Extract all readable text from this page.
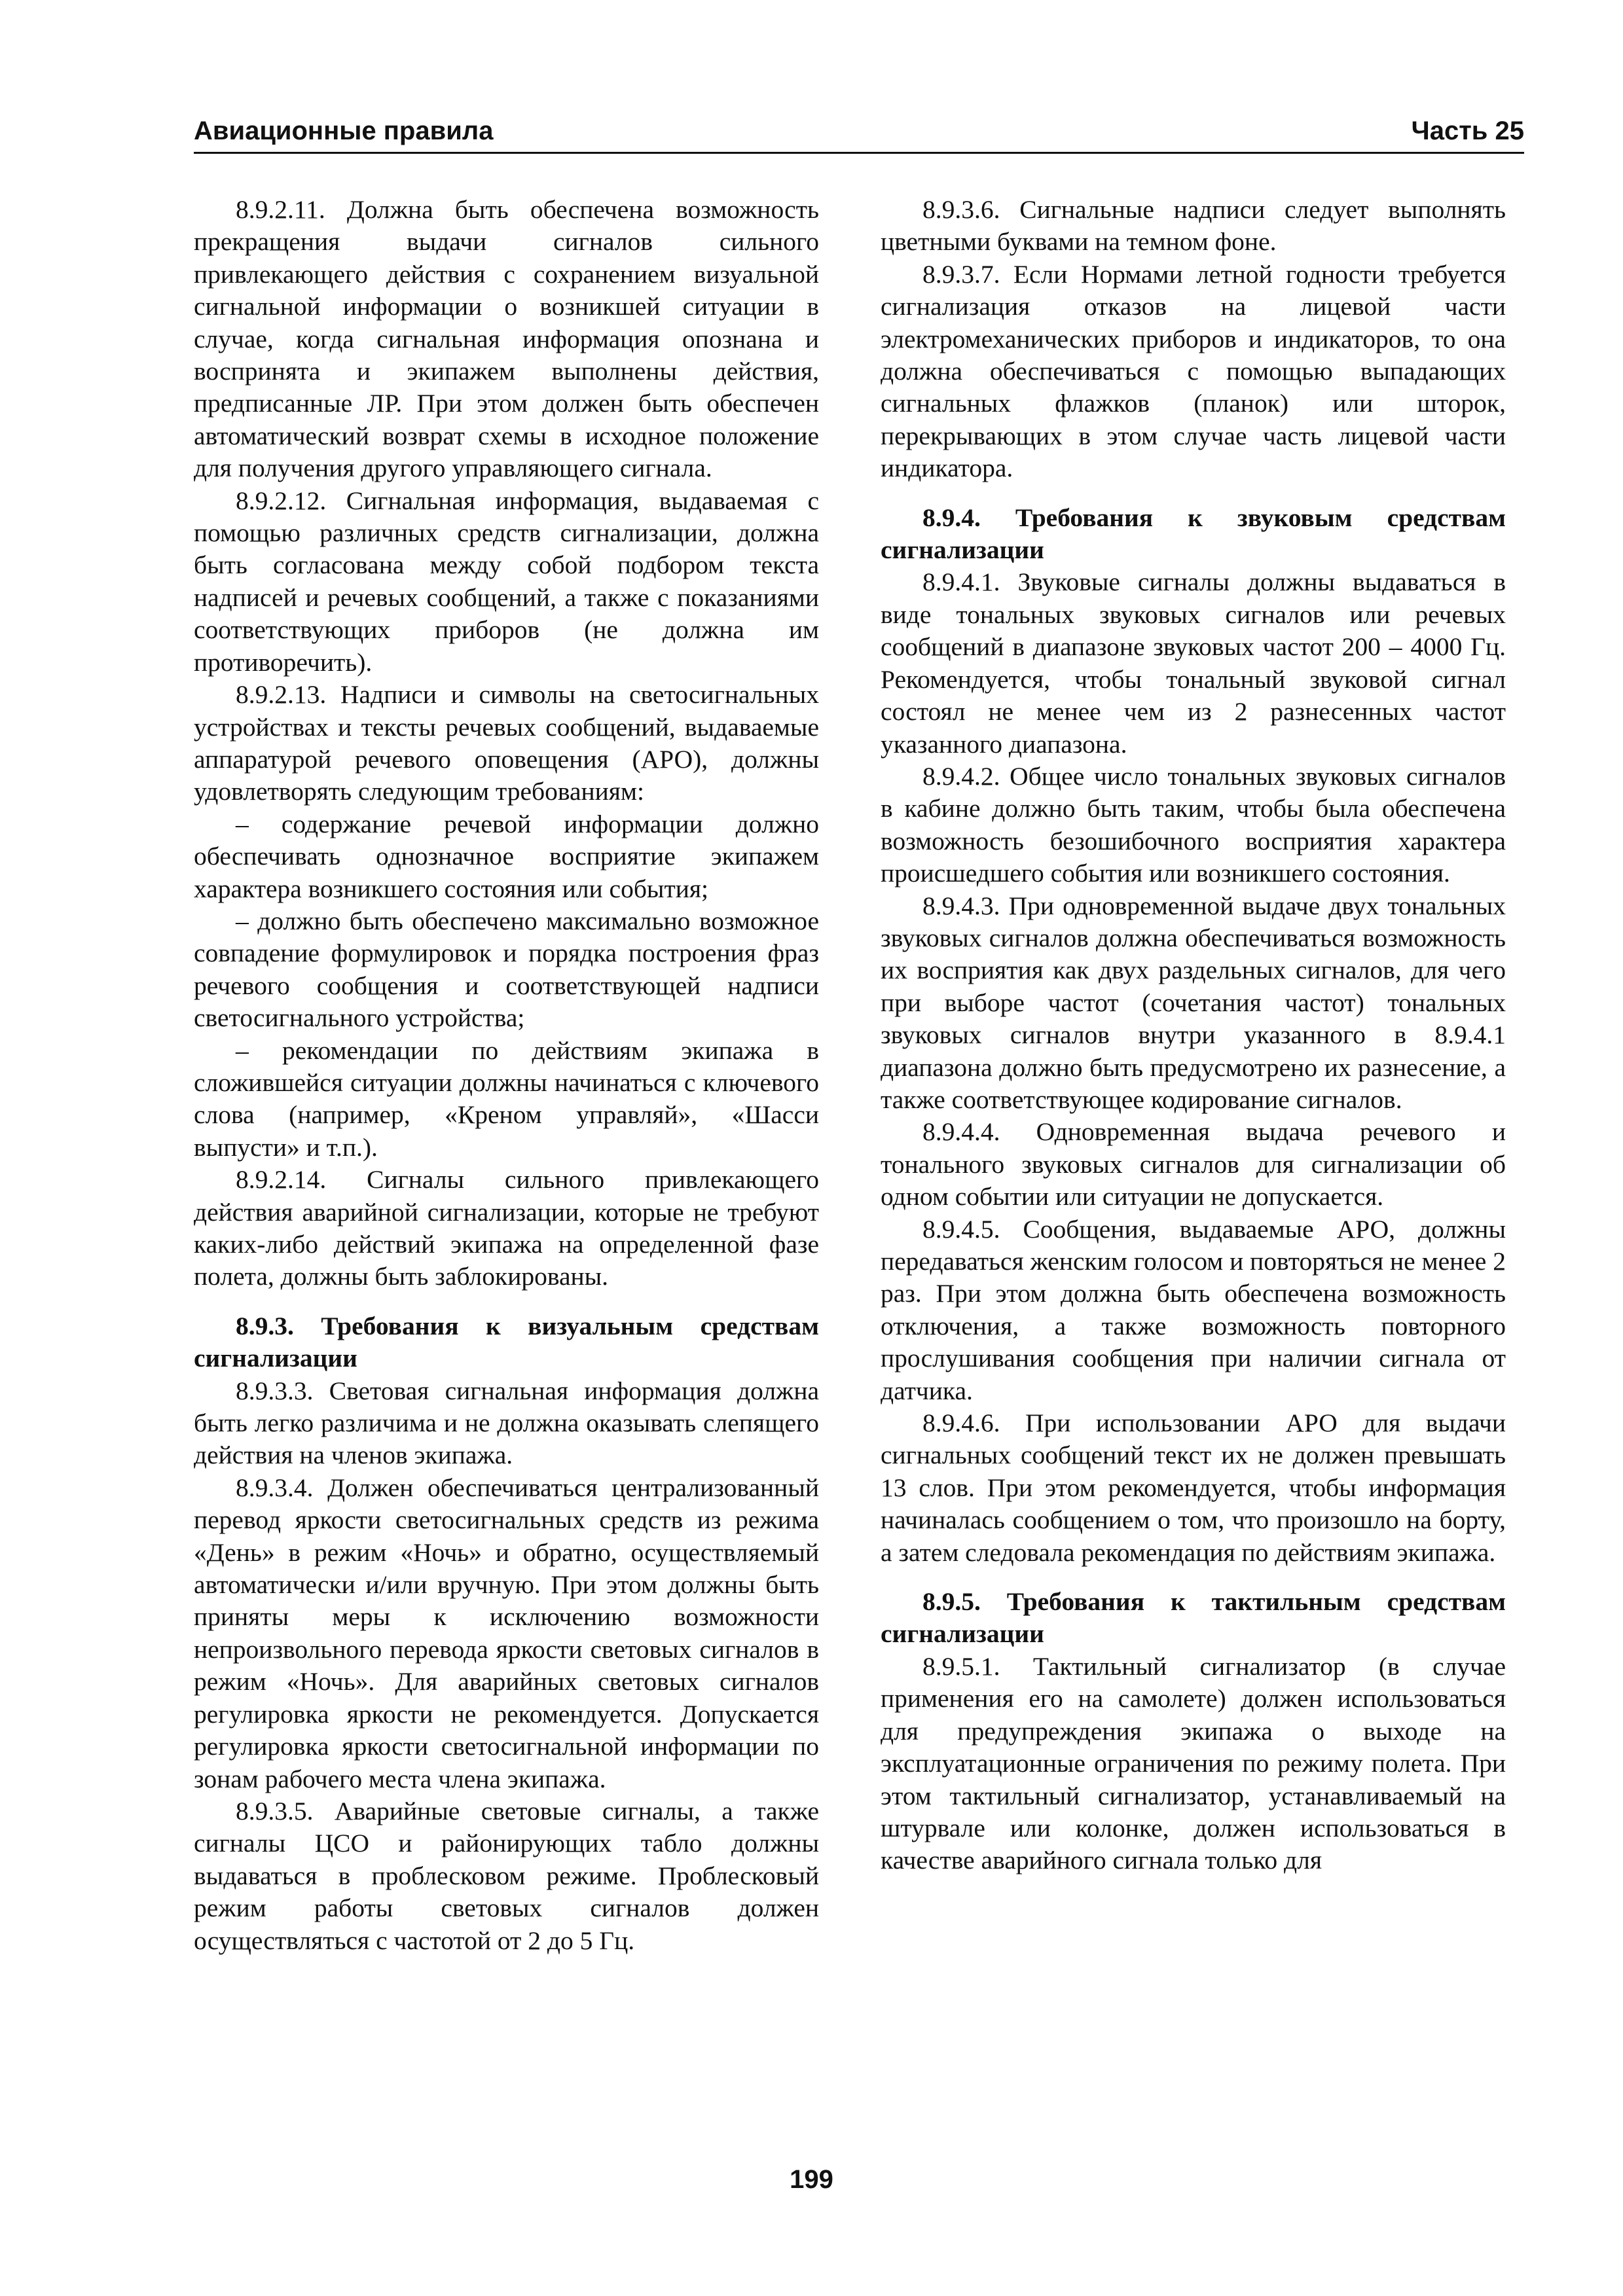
Авиационные правила	Часть 25

8.9.2.11. Должна быть обеспечена возможность прекращения выдачи сигналов сильного привлекающего действия с сохранением визуальной сигнальной информации о возникшей ситуации в случае, когда сигнальная информация опознана и воспринята и экипажем выполнены действия, предписанные ЛР. При этом должен быть обеспечен автоматический возврат схемы в исходное положение для получения другого управляющего сигнала.

8.9.2.12. Сигнальная информация, выдаваемая с помощью различных средств сигнализации, должна быть согласована между собой подбором текста надписей и речевых сообщений, а также с показаниями соответствующих приборов (не должна им противоречить).

8.9.2.13. Надписи и символы на светосигнальных устройствах и тексты речевых сообщений, выдаваемые аппаратурой речевого оповещения (АРО), должны удовлетворять следующим требованиям:

– содержание речевой информации должно обеспечивать однозначное восприятие экипажем характера возникшего состояния или события;

– должно быть обеспечено максимально возможное совпадение формулировок и порядка построения фраз речевого сообщения и соответствующей надписи светосигнального устройства;

– рекомендации по действиям экипажа в сложившейся ситуации должны начинаться с ключевого слова (например, «Креном управляй», «Шасси выпусти» и т.п.).

8.9.2.14. Сигналы сильного привлекающего действия аварийной сигнализации, которые не требуют каких-либо действий экипажа на определенной фазе полета, должны быть заблокированы.

8.9.3. Требования к визуальным средствам сигнализации

8.9.3.3. Световая сигнальная информация должна быть легко различима и не должна оказывать слепящего действия на членов экипажа.

8.9.3.4. Должен обеспечиваться централизованный перевод яркости светосигнальных средств из режима «День» в режим «Ночь» и обратно, осуществляемый автоматически и/или вручную. При этом должны быть приняты меры к исключению возможности непроизвольного перевода яркости световых сигналов в режим «Ночь». Для аварийных световых сигналов регулировка яркости не рекомендуется. Допускается регулировка яркости светосигнальной информации по зонам рабочего места члена экипажа.

8.9.3.5. Аварийные световые сигналы, а также сигналы ЦСО и районирующих табло должны выдаваться в проблесковом режиме. Проблесковый режим работы световых сигналов должен осуществляться с частотой от 2 до 5 Гц.

8.9.3.6. Сигнальные надписи следует выполнять цветными буквами на темном фоне.

8.9.3.7. Если Нормами летной годности требуется сигнализация отказов на лицевой части электромеханических приборов и индикаторов, то она должна обеспечиваться с помощью выпадающих сигнальных флажков (планок) или шторок, перекрывающих в этом случае часть лицевой части индикатора.

8.9.4. Требования к звуковым средствам сигнализации

8.9.4.1. Звуковые сигналы должны выдаваться в виде тональных звуковых сигналов или речевых сообщений в диапазоне звуковых частот 200 – 4000 Гц. Рекомендуется, чтобы тональный звуковой сигнал состоял не менее чем из 2 разнесенных частот указанного диапазона.

8.9.4.2. Общее число тональных звуковых сигналов в кабине должно быть таким, чтобы была обеспечена возможность безошибочного восприятия характера происшедшего события или возникшего состояния.

8.9.4.3. При одновременной выдаче двух тональных звуковых сигналов должна обеспечиваться возможность их восприятия как двух раздельных сигналов, для чего при выборе частот (сочетания частот) тональных звуковых сигналов внутри указанного в 8.9.4.1 диапазона должно быть предусмотрено их разнесение, а также соответствующее кодирование сигналов.

8.9.4.4. Одновременная выдача речевого и тонального звуковых сигналов для сигнализации об одном событии или ситуации не допускается.

8.9.4.5. Сообщения, выдаваемые АРО, должны передаваться женским голосом и повторяться не менее 2 раз. При этом должна быть обеспечена возможность отключения, а также возможность повторного прослушивания сообщения при наличии сигнала от датчика.

8.9.4.6. При использовании АРО для выдачи сигнальных сообщений текст их не должен превышать 13 слов. При этом рекомендуется, чтобы информация начиналась сообщением о том, что произошло на борту, а затем следовала рекомендация по действиям экипажа.

8.9.5. Требования к тактильным средствам сигнализации

8.9.5.1. Тактильный сигнализатор (в случае применения его на самолете) должен использоваться для предупреждения экипажа о выходе на эксплуатационные ограничения по режиму полета. При этом тактильный сигнализатор, устанавливаемый на штурвале или колонке, должен использоваться в качестве аварийного сигнала только для

199
